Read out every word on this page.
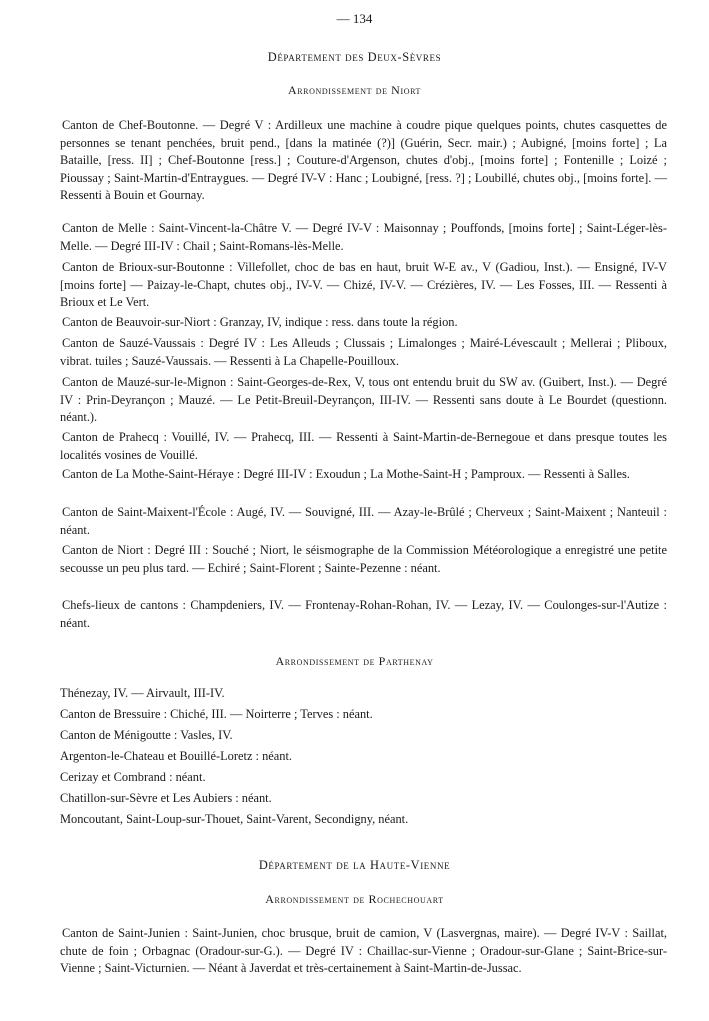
— 134
Département des Deux-Sèvres
Arrondissement de Niort
Canton de Chef-Boutonne. — Degré V : Ardilleux une machine à coudre pique quelques points, chutes casquettes de personnes se tenant penchées, bruit pend., [dans la matinée (?)] (Guérin, Secr. mair.) ; Aubigné, [moins forte] ; La Bataille, [ress. II] ; Chef-Boutonne [ress.] ; Couture-d'Argenson, chutes d'obj., [moins forte] ; Fontenille ; Loizé ; Pioussay ; Saint-Martin-d'Entraygues. — Degré IV-V : Hanc ; Loubigné, [ress. ?] ; Loubillé, chutes obj., [moins forte]. — Ressenti à Bouin et Gournay.
Canton de Melle : Saint-Vincent-la-Châtre V. — Degré IV-V : Maisonnay ; Pouffonds, [moins forte] ; Saint-Léger-lès-Melle. — Degré III-IV : Chail ; Saint-Romans-lès-Melle.
Canton de Brioux-sur-Boutonne : Villefollet, choc de bas en haut, bruit W-E av., V (Gadiou, Inst.). — Ensigné, IV-V [moins forte] — Paizay-le-Chapt, chutes obj., IV-V. — Chizé, IV-V. — Crézières, IV. — Les Fosses, III. — Ressenti à Brioux et Le Vert.
Canton de Beauvoir-sur-Niort : Granzay, IV, indique : ress. dans toute la région.
Canton de Sauzé-Vaussais : Degré IV : Les Alleuds ; Clussais ; Limalonges ; Mairé-Lévescault ; Mellerai ; Pliboux, vibrat. tuiles ; Sauzé-Vaussais. — Ressenti à La Chapelle-Pouilloux.
Canton de Mauzé-sur-le-Mignon : Saint-Georges-de-Rex, V, tous ont entendu bruit du SW av. (Guibert, Inst.). — Degré IV : Prin-Deyrançon ; Mauzé. — Le Petit-Breuil-Deyrançon, III-IV. — Ressenti sans doute à Le Bourdet (questionn. néant.).
Canton de Prahecq : Vouillé, IV. — Prahecq, III. — Ressenti à Saint-Martin-de-Bernegoue et dans presque toutes les localités vosines de Vouillé.
Canton de La Mothe-Saint-Héraye : Degré III-IV : Exoudun ; La Mothe-Saint-H ; Pamproux. — Ressenti à Salles.
Canton de Saint-Maixent-l'École : Augé, IV. — Souvigné, III. — Azay-le-Brûlé ; Cherveux ; Saint-Maixent ; Nanteuil : néant.
Canton de Niort : Degré III : Souché ; Niort, le séismographe de la Commission Météorologique a enregistré une petite secousse un peu plus tard. — Echiré ; Saint-Florent ; Sainte-Pezenne : néant.
Chefs-lieux de cantons : Champdeniers, IV. — Frontenay-Rohan-Rohan, IV. — Lezay, IV. — Coulonges-sur-l'Autize : néant.
Arrondissement de Parthenay
Thénezay, IV. — Airvault, III-IV.
Canton de Bressuire : Chiché, III. — Noirterre ; Terves : néant.
Canton de Ménigoutte : Vasles, IV.
Argenton-le-Chateau et Bouillé-Loretz : néant.
Cerizay et Combrand : néant.
Chatillon-sur-Sèvre et Les Aubiers : néant.
Moncoutant, Saint-Loup-sur-Thouet, Saint-Varent, Secondigny, néant.
Département de la Haute-Vienne
Arrondissement de Rochechouart
Canton de Saint-Junien : Saint-Junien, choc brusque, bruit de camion, V (Lasvergnas, maire). — Degré IV-V : Saillat, chute de foin ; Orbagnac (Oradour-sur-G.). — Degré IV : Chaillac-sur-Vienne ; Oradour-sur-Glane ; Saint-Brice-sur-Vienne ; Saint-Victurnien. — Néant à Javerdat et très-certainement à Saint-Martin-de-Jussac.
